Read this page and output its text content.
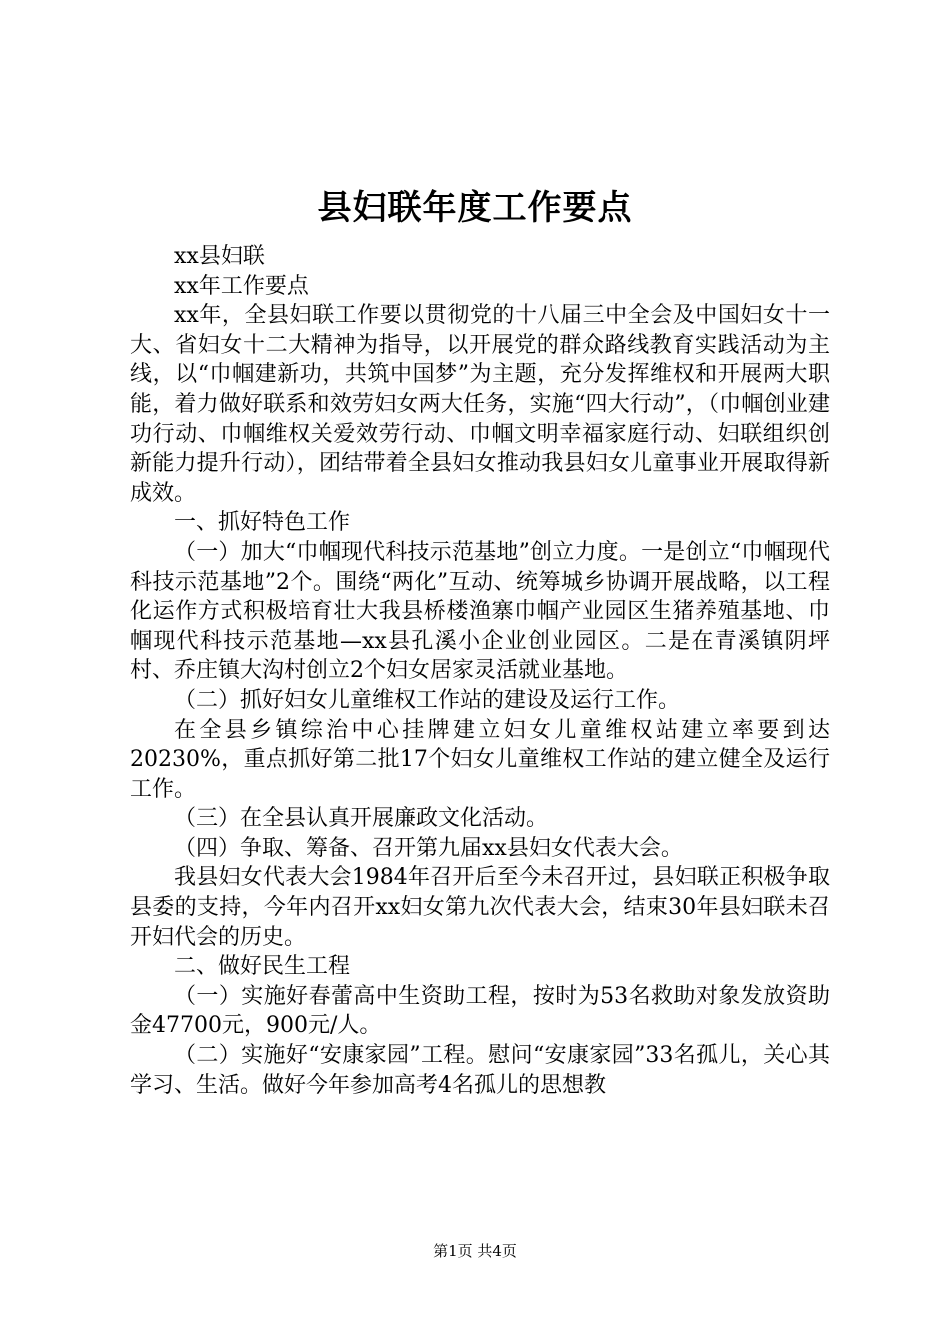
县妇联年度工作要点

xx县妇联

xx年工作要点

xx年，全县妇联工作要以贯彻党的十八届三中全会及中国妇女十一大、省妇女十二大精神为指导，以开展党的群众路线教育实践活动为主线，以“巾帼建新功，共筑中国梦”为主题，充分发挥维权和开展两大职能，着力做好联系和效劳妇女两大任务，实施“四大行动”，（巾帼创业建功行动、巾帼维权关爱效劳行动、巾帼文明幸福家庭行动、妇联组织创新能力提升行动），团结带着全县妇女推动我县妇女儿童事业开展取得新成效。

一、抓好特色工作

（一）加大“巾帼现代科技示范基地”创立力度。一是创立“巾帼现代科技示范基地”2个。围绕“两化”互动、统筹城乡协调开展战略，以工程化运作方式积极培育壮大我县桥楼渔寨巾帼产业园区生猪养殖基地、巾帼现代科技示范基地—xx县孔溪小企业创业园区。二是在青溪镇阴坪村、乔庄镇大沟村创立2个妇女居家灵活就业基地。

（二）抓好妇女儿童维权工作站的建设及运行工作。

在全县乡镇综治中心挂牌建立妇女儿童维权站建立率要到达20230%，重点抓好第二批17个妇女儿童维权工作站的建立健全及运行工作。

（三）在全县认真开展廉政文化活动。

（四）争取、筹备、召开第九届xx县妇女代表大会。

我县妇女代表大会1984年召开后至今未召开过，县妇联正积极争取县委的支持，今年内召开xx妇女第九次代表大会，结束30年县妇联未召开妇代会的历史。

二、做好民生工程

（一）实施好春蕾高中生资助工程，按时为53名救助对象发放资助金47700元，900元/人。

（二）实施好“安康家园”工程。慰问“安康家园”33名孤儿，关心其学习、生活。做好今年参加高考4名孤儿的思想教

第1页 共4页
